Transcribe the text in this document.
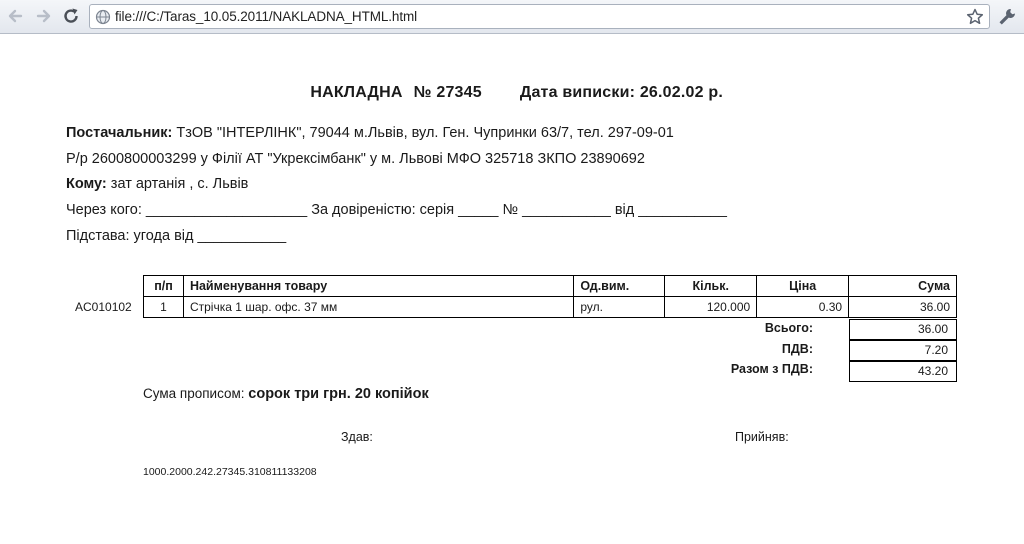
file:///C:/Taras_10.05.2011/NAKLADNA_HTML.html

НАКЛАДНА № 27345 Дата виписки: 26.02.02 р.

Постачальник: ТзОВ "ІНТЕРЛІНК", 79044 м.Львів, вул. Ген. Чупринки 63/7, тел. 297-09-01
Р/р 2600800003299 у Філії АТ "Укрексімбанк" у м. Львові МФО 325718 ЗКПО 23890692
Кому: зат артанія , с. Львів
Через кого: ____________________ За довіреністю: серія _____ № ___________ від ___________
Підстава: угода від ___________
AC010102
п/п	Найменування товару	Од.вим.	Кільк.	Ціна	Сума
1	Стрічка 1 шар. офс. 37 мм	рул.	120.000	0.30	36.00
Всього:	36.00
ПДВ:	7.20
Разом з ПДВ:	43.20
Сума прописом: сорок три грн. 20 копійок
Здав:	Прийняв:
1000.2000.242.27345.310811133208
